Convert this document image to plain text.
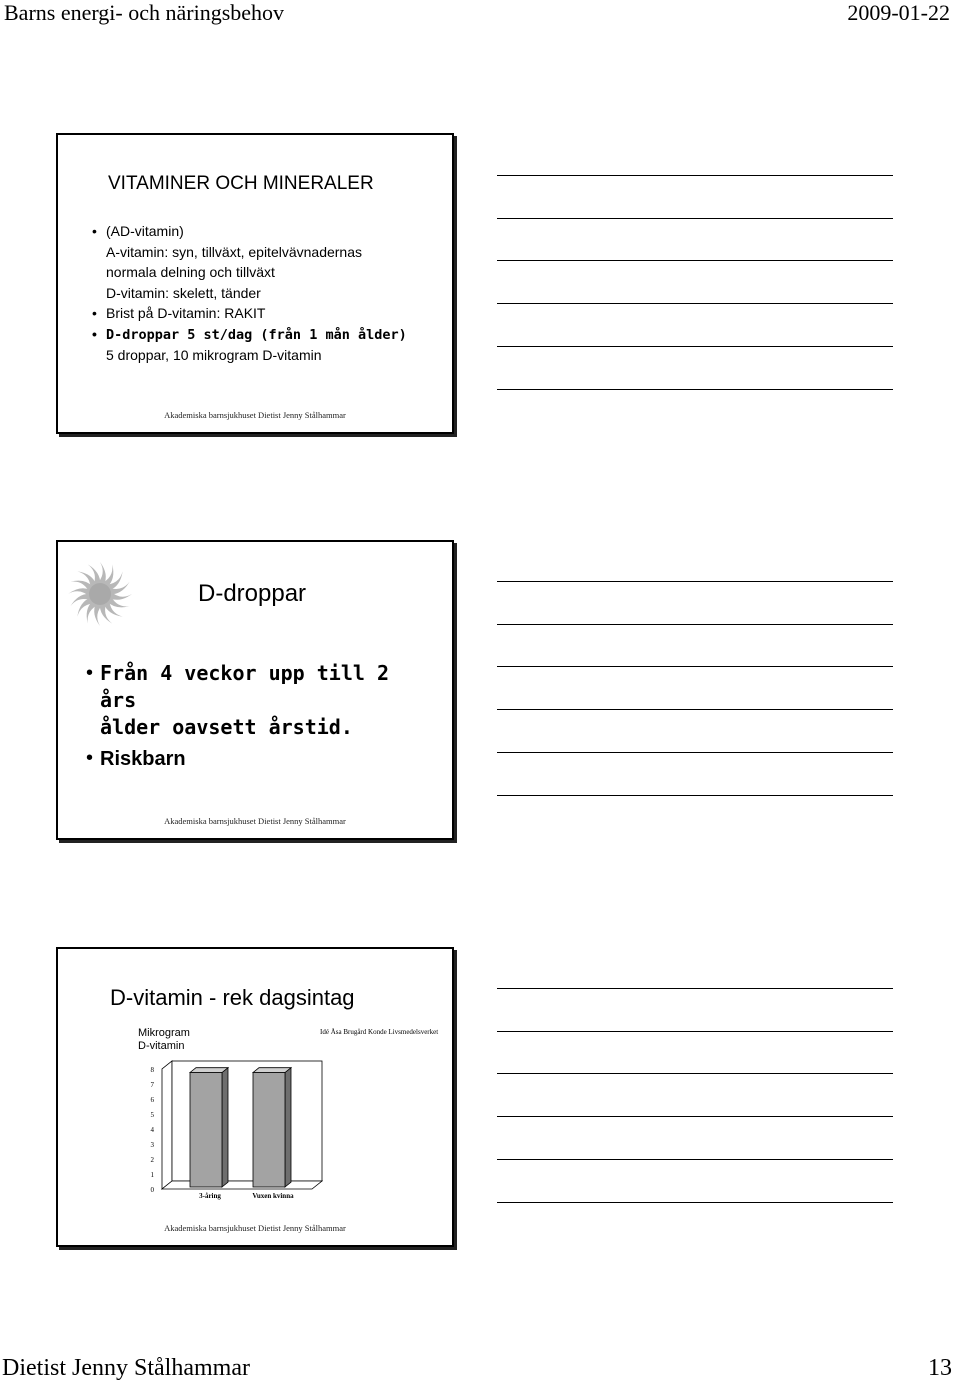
Barns energi- och näringsbehov	2009-01-22
VITAMINER OCH MINERALER
• (AD-vitamin)
A-vitamin: syn, tillväxt, epitelvävnadernas
normala delning och tillväxt
D-vitamin: skelett, tänder
• Brist på D-vitamin: RAKIT
• D-droppar 5 st/dag (från 1 mån ålder)
5 droppar, 10 mikrogram D-vitamin
Akademiska barnsjukhuset Dietist Jenny Stålhammar
D-droppar
• Från 4 veckor upp till 2 års
ålder oavsett årstid.
• Riskbarn
Akademiska barnsjukhuset Dietist Jenny Stålhammar
D-vitamin - rek dagsintag
Mikrogram
D-vitamin
Idé Åsa Brugård Konde Livsmedelsverket
0
1
2
3
4
5
6
7
8
3-åring	Vuxen kvinna
Akademiska barnsjukhuset Dietist Jenny Stålhammar
Dietist Jenny Stålhammar	13
